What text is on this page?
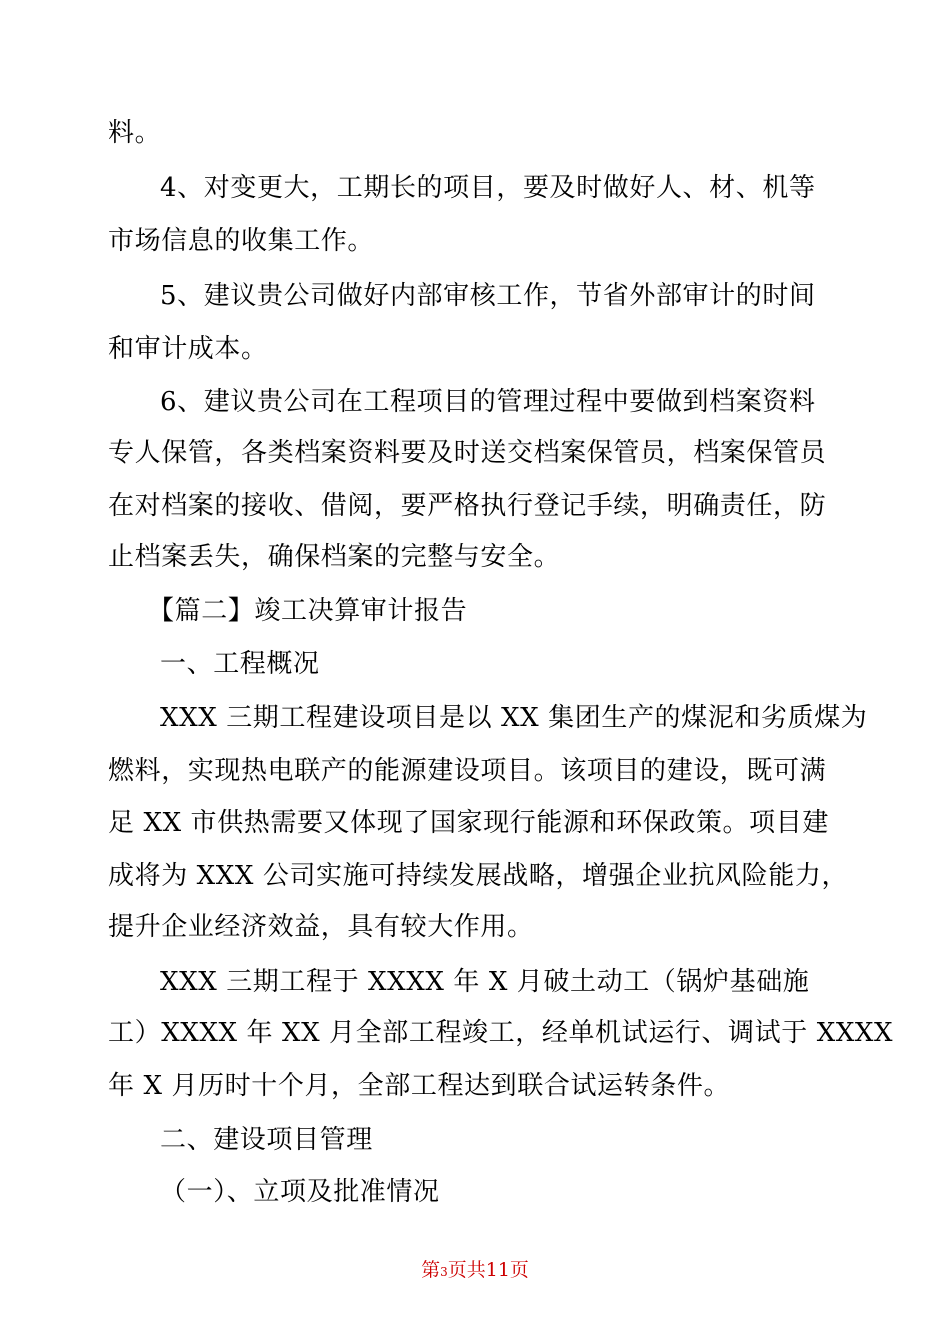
料。
4、对变更大，工期长的项目，要及时做好人、材、机等
市场信息的收集工作。
5、建议贵公司做好内部审核工作，节省外部审计的时间
和审计成本。
6、建议贵公司在工程项目的管理过程中要做到档案资料
专人保管，各类档案资料要及时送交档案保管员，档案保管员
在对档案的接收、借阅，要严格执行登记手续，明确责任，防
止档案丢失，确保档案的完整与安全。
【篇二】竣工决算审计报告
一、工程概况
XXX 三期工程建设项目是以 XX 集团生产的煤泥和劣质煤为
燃料，实现热电联产的能源建设项目。该项目的建设，既可满
足 XX 市供热需要又体现了国家现行能源和环保政策。项目建
成将为 XXX 公司实施可持续发展战略，增强企业抗风险能力，
提升企业经济效益，具有较大作用。
XXX 三期工程于 XXXX 年 X 月破土动工（锅炉基础施
工）XXXX 年 XX 月全部工程竣工，经单机试运行、调试于 XXXX
年 X 月历时十个月，全部工程达到联合试运转条件。
二、建设项目管理
（一）、立项及批准情况
第3页共11页
